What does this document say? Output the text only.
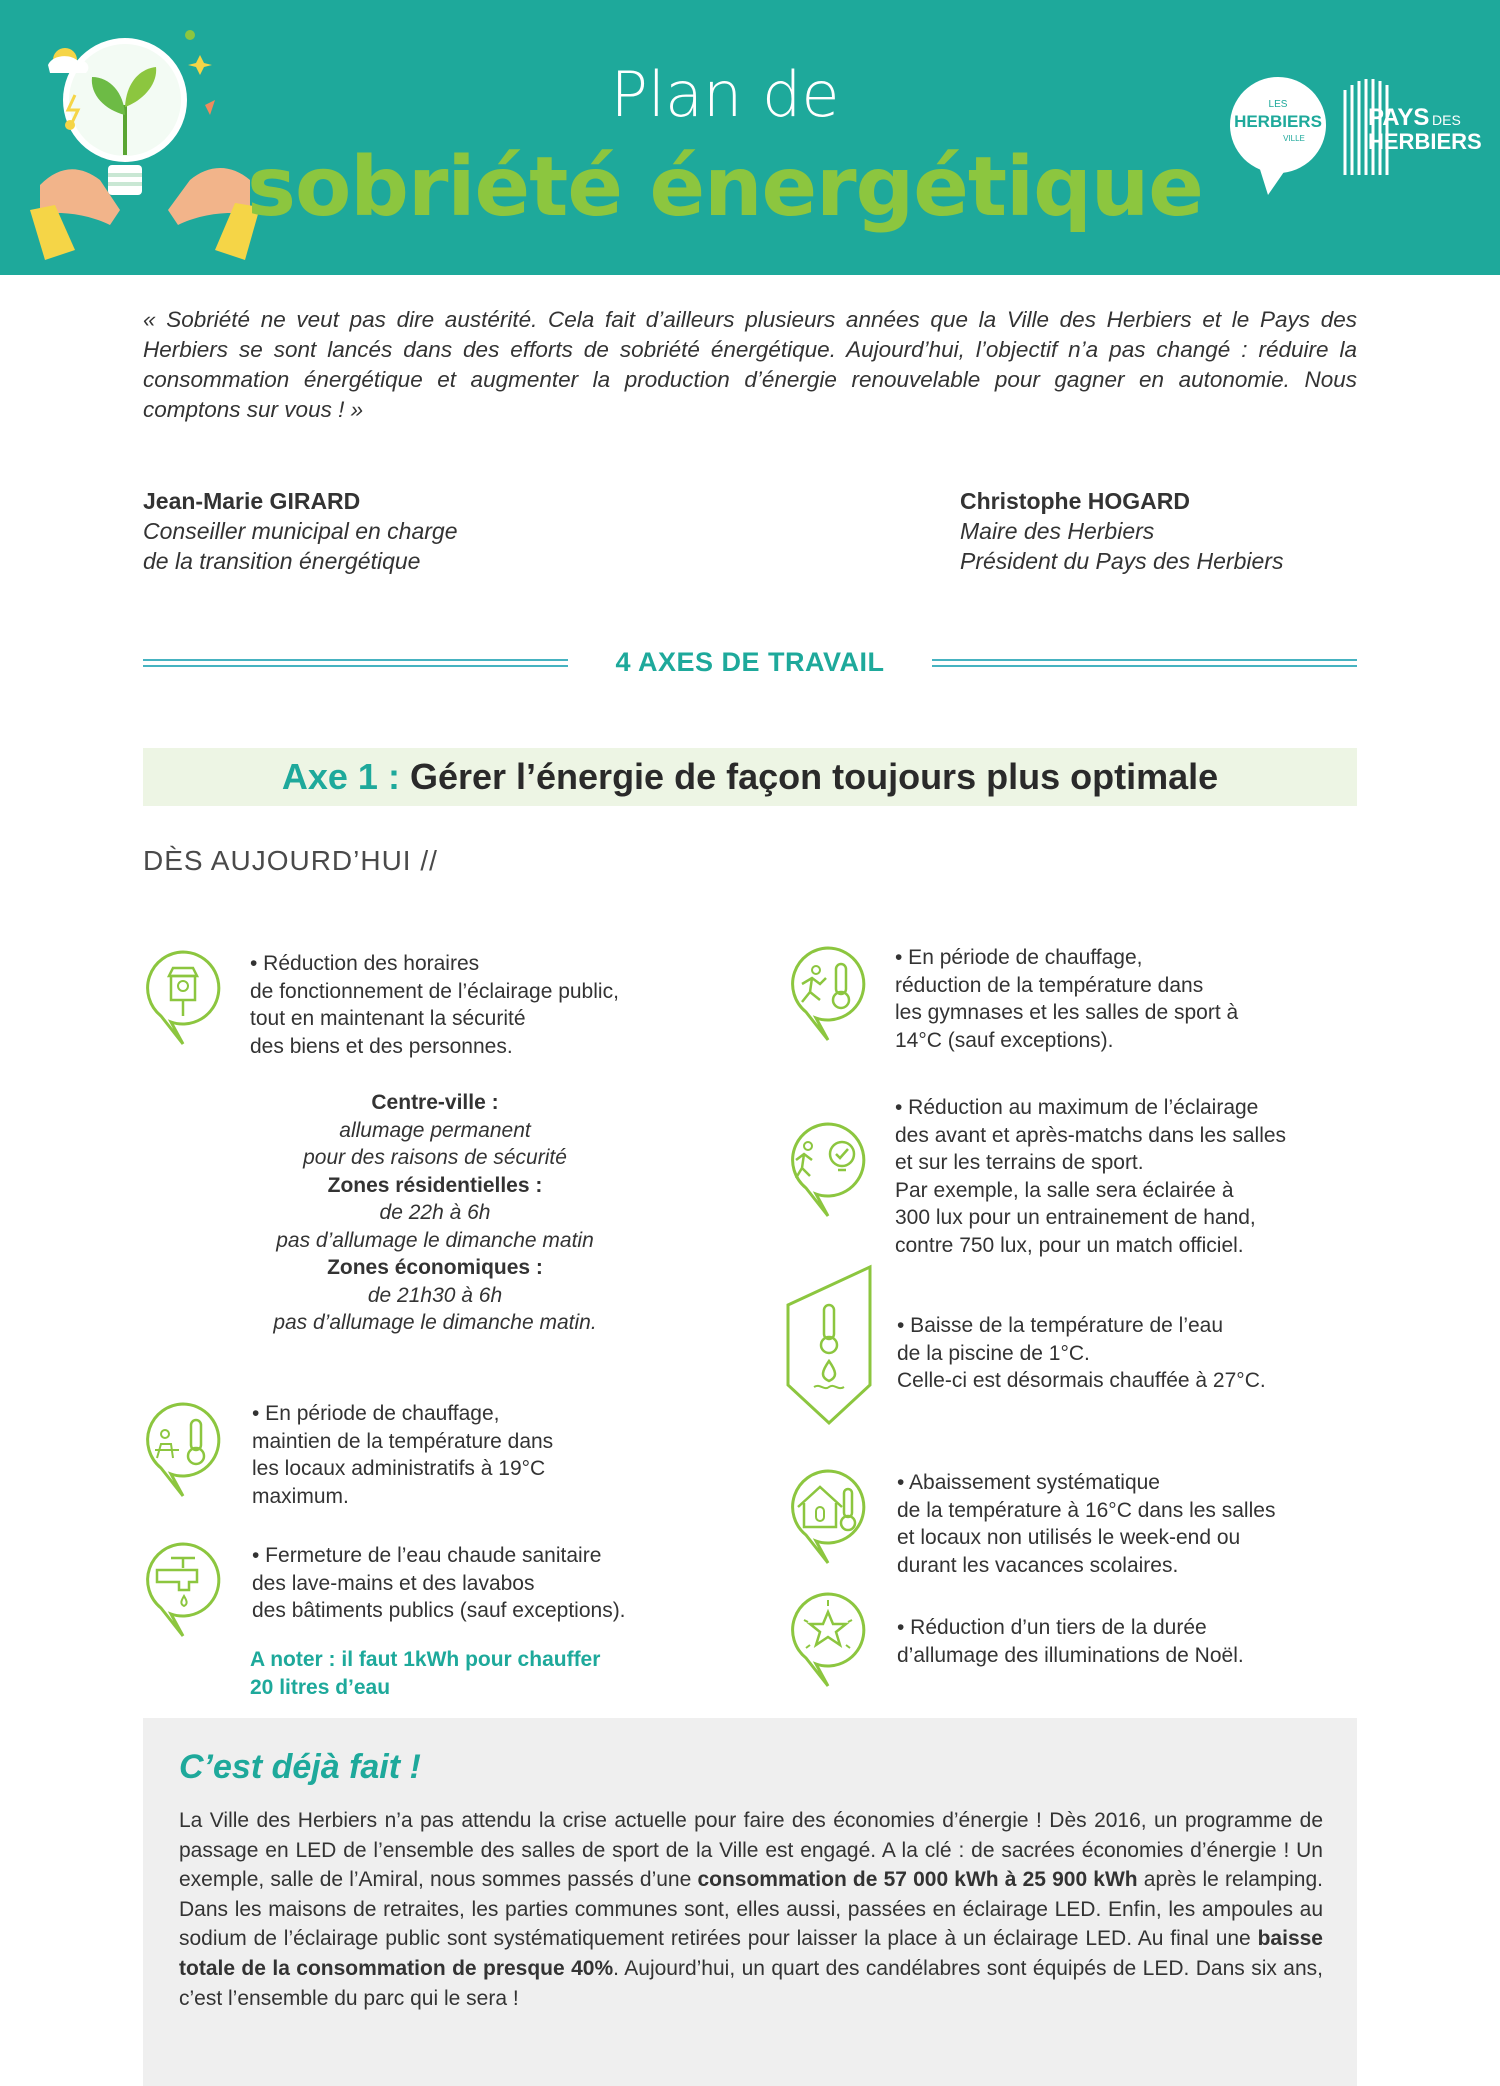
Plan de
sobriété énergétique
LES
HERBIERS
VILLE
PAYS DES
HERBIERS
« Sobriété ne veut pas dire austérité. Cela fait d’ailleurs plusieurs années que la Ville des Herbiers et le Pays des Herbiers se sont lancés dans des efforts de sobriété énergétique. Aujourd’hui, l’objectif n’a pas changé : réduire la consommation énergétique et augmenter la production d’énergie renouvelable pour gagner en autonomie. Nous comptons sur vous ! »
Jean-Marie GIRARD
Conseiller municipal en charge
de la transition énergétique
Christophe HOGARD
Maire des Herbiers
Président du Pays des Herbiers
4 AXES DE TRAVAIL
Axe 1 : Gérer l’énergie de façon toujours plus optimale
DÈS AUJOURD’HUI //
• Réduction des horaires
de fonctionnement de l’éclairage public,
tout en maintenant la sécurité
des biens et des personnes.
Centre-ville :
allumage permanent
pour des raisons de sécurité
Zones résidentielles :
de 22h à 6h
pas d’allumage le dimanche matin
Zones économiques :
de 21h30 à 6h
pas d’allumage le dimanche matin.
• En période de chauffage,
maintien de la température dans
les locaux administratifs à 19°C
maximum.
• Fermeture de l’eau chaude sanitaire
des lave-mains et des lavabos
des bâtiments publics (sauf exceptions).
A noter : il faut 1kWh pour chauffer
20 litres d’eau
• En période de chauffage,
réduction de la température dans
les gymnases et les salles de sport à
14°C (sauf exceptions).
• Réduction au maximum de l’éclairage
des avant et après-matchs dans les salles
et sur les terrains de sport.
Par exemple, la salle sera éclairée à
300 lux pour un entrainement de hand,
contre 750 lux, pour un match officiel.
• Baisse de la température de l’eau
de la piscine de 1°C.
Celle-ci est désormais chauffée à 27°C.
• Abaissement systématique
de la température à 16°C dans les salles
et locaux non utilisés le week-end ou
durant les vacances scolaires.
• Réduction d’un tiers de la durée
d’allumage des illuminations de Noël.
C’est déjà fait !
La Ville des Herbiers n’a pas attendu la crise actuelle pour faire des économies d’énergie ! Dès 2016, un programme de passage en LED de l’ensemble des salles de sport de la Ville est engagé. A la clé : de sacrées économies d’énergie ! Un exemple, salle de l’Amiral, nous sommes passés d’une consommation de 57 000 kWh à 25 900 kWh après le relamping. Dans les maisons de retraites, les parties communes sont, elles aussi, passées en éclairage LED. Enfin, les ampoules au sodium de l’éclairage public sont systématiquement retirées pour laisser la place à un éclairage LED. Au final une baisse totale de la consommation de presque 40%. Aujourd’hui, un quart des candélabres sont équipés de LED. Dans six ans, c’est l’ensemble du parc qui le sera !
